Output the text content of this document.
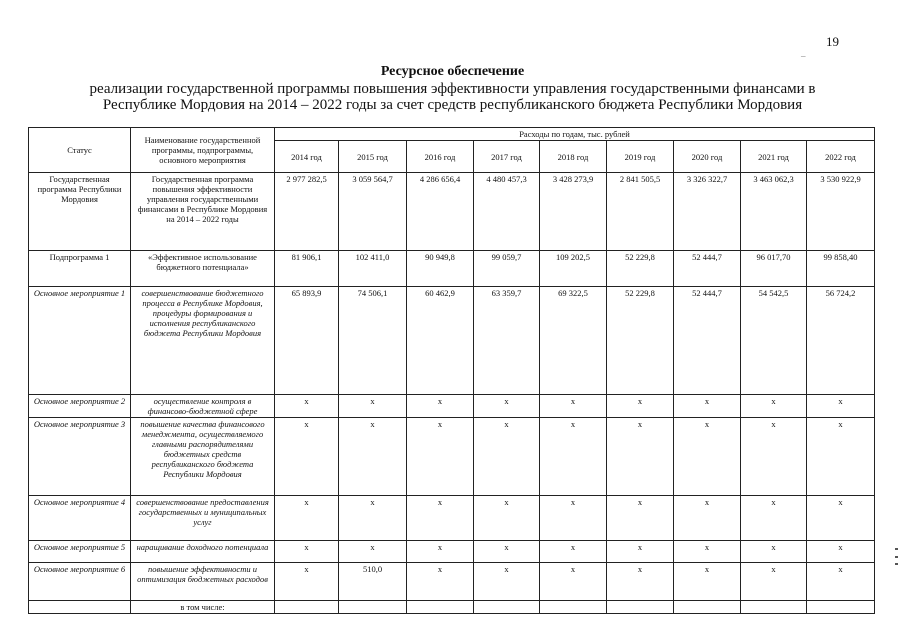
19
–
Ресурсное обеспечение
реализации государственной программы повышения эффективности управления государственными финансами в
Республике Мордовия на 2014 – 2022 годы за счет средств республиканского бюджета Республики Мордовия
Статус	Наименование государственной программы, подпрограммы, основного мероприятия	Расходы по годам, тыс. рублей								
		2014 год	2015 год	2016 год	2017 год	2018 год	2019 год	2020 год	2021 год	2022 год
Государственная программа Республики Мордовия	Государственная программа повышения эффективности управления государственными финансами в Республике Мордовия на 2014 – 2022 годы	2 977 282,5	3 059 564,7	4 286 656,4	4 480 457,3	3 428 273,9	2 841 505,5	3 326 322,7	3 463 062,3	3 530 922,9
Подпрограмма 1	«Эффективное использование бюджетного потенциала»	81 906,1	102 411,0	90 949,8	99 059,7	109 202,5	52 229,8	52 444,7	96 017,70	99 858,40
Основное мероприятие 1	совершенствование бюджетного процесса в Республике Мордовия, процедуры формирования и исполнения республиканского бюджета Республики Мордовия	65 893,9	74 506,1	60 462,9	63 359,7	69 322,5	52 229,8	52 444,7	54 542,5	56 724,2
Основное мероприятие 2	осуществление контроля в финансово-бюджетной сфере	x	x	x	x	x	x	x	x	x
Основное мероприятие 3	повышение качества финансового менеджмента, осуществляемого главными распорядителями бюджетных средств республиканского бюджета Республики Мордовия	x	x	x	x	x	x	x	x	x
Основное мероприятие 4	совершенствование предоставления государственных и муниципальных услуг	x	x	x	x	x	x	x	x	x
Основное мероприятие 5	наращивание доходного потенциала	x	x	x	x	x	x	x	x	x
Основное мероприятие 6	повышение эффективности и оптимизация бюджетных расходов	x	510,0	x	x	x	x	x	x	x
	в том числе:									
